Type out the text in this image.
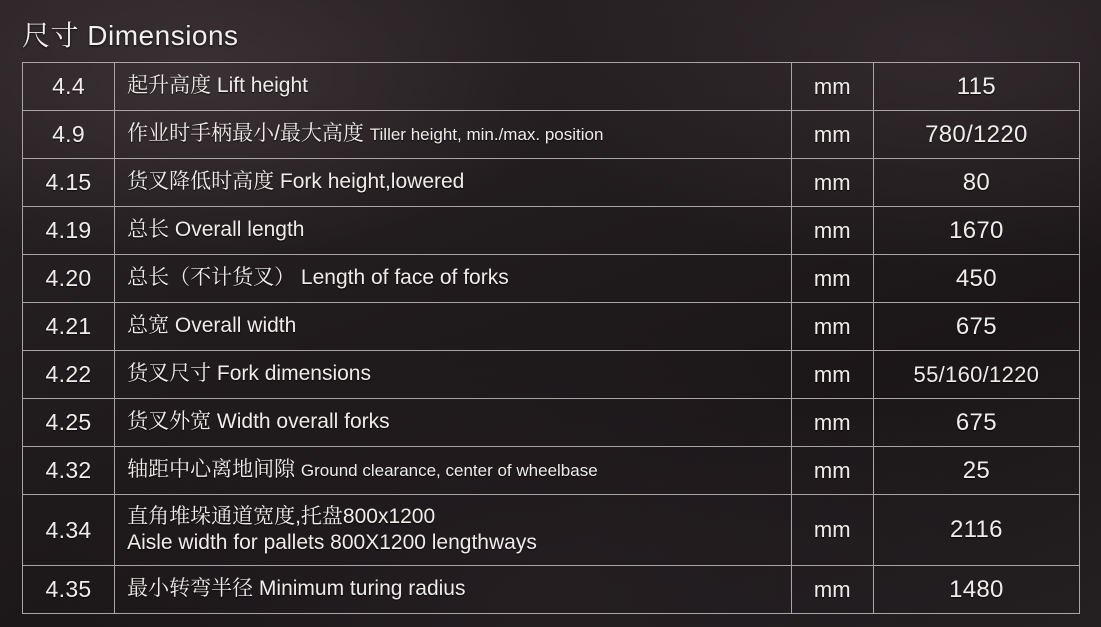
尺寸 Dimensions
4.4	起升高度 Lift height	mm	115
4.9	作业时手柄最小/最大高度 Tiller height, min./max. position	mm	780/1220
4.15	货叉降低时高度 Fork height,lowered	mm	80
4.19	总长 Overall length	mm	1670
4.20	总长（不计货叉） Length of face of forks	mm	450
4.21	总宽 Overall width	mm	675
4.22	货叉尺寸 Fork dimensions	mm	55/160/1220
4.25	货叉外宽 Width overall forks	mm	675
4.32	轴距中心离地间隙 Ground clearance, center of wheelbase	mm	25
4.34	直角堆垛通道宽度,托盘800x1200
Aisle width for pallets 800X1200 lengthways	mm	2116
4.35	最小转弯半径 Minimum turing radius	mm	1480
